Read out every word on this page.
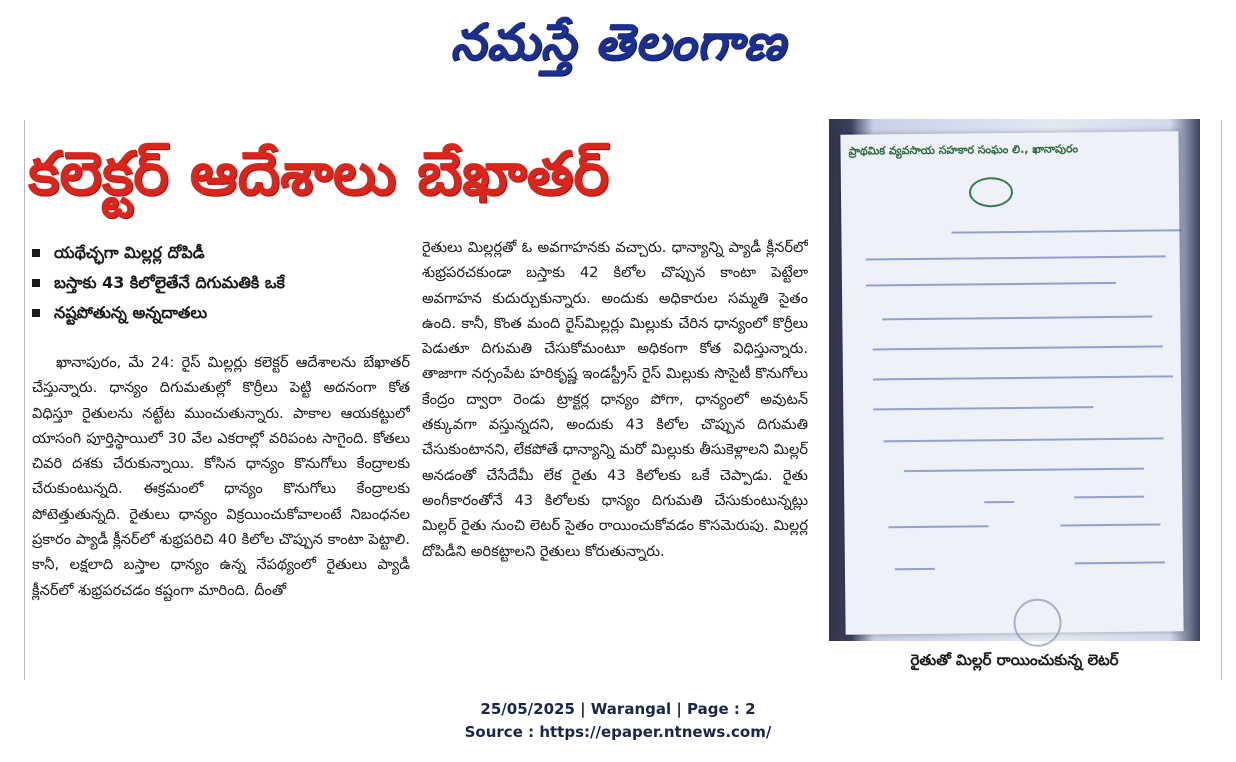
నమస్తే తెలంగాణ
కలెక్టర్ ఆదేశాలు బేఖాతర్
యథేచ్ఛగా మిల్లర్ల దోపిడీ
బస్తాకు 43 కిలోలైతేనే దిగుమతికి ఒకే
నష్టపోతున్న అన్నదాతలు

ఖానాపురం, మే 24: రైస్ మిల్లర్లు కలెక్టర్ ఆదేశాలను బేఖాతర్ చేస్తున్నారు. ధాన్యం దిగుమతుల్లో కొర్రీలు పెట్టి అదనంగా కోత విధిస్తూ రైతులను నట్టేట ముంచుతున్నారు. పాకాల ఆయకట్టులో యాసంగి పూర్తిస్థాయిలో 30 వేల ఎకరాల్లో వరిపంట సాగైంది. కోతలు చివరి దశకు చేరుకున్నాయి. కోసిన ధాన్యం కొనుగోలు కేంద్రాలకు చేరుకుంటున్నది. ఈక్రమంలో ధాన్యం కొనుగోలు కేంద్రాలకు పోటెత్తుతున్నది. రైతులు ధాన్యం విక్రయించుకోవాలంటే నిబంధనల ప్రకారం ప్యాడీ క్లీనర్‌లో శుభ్రపరిచి 40 కిలోల చొప్పున కాంటా పెట్టాలి. కానీ, లక్షలాది బస్తాల ధాన్యం ఉన్న నేపథ్యంలో రైతులు ప్యాడీ క్లీనర్‌లో శుభ్రపరచడం కష్టంగా మారింది. దీంతో

రైతులు మిల్లర్లతో ఓ అవగాహనకు వచ్చారు. ధాన్యాన్ని ప్యాడీ క్లీనర్‌లో శుభ్రపరచకుండా బస్తాకు 42 కిలోల చొప్పున కాంటా పెట్టేలా అవగాహన కుదుర్చుకున్నారు. అందుకు అధికారుల సమ్మతి సైతం ఉంది. కానీ, కొంత మంది రైస్‌మిల్లర్లు మిల్లుకు చేరిన ధాన్యంలో కొర్రీలు పెడుతూ దిగుమతి చేసుకోమంటూ అధికంగా కోత విధిస్తున్నారు. తాజాగా నర్సంపేట హరికృష్ణ ఇండస్ట్రీస్ రైస్ మిల్లుకు సొసైటీ కొనుగోలు కేంద్రం ద్వారా రెండు ట్రాక్టర్ల ధాన్యం పోగా, ధాన్యంలో అవుటన్ తక్కువగా వస్తున్నదని, అందుకు 43 కిలోల చొప్పున దిగుమతి చేసుకుంటానని, లేకపోతే ధాన్యాన్ని మరో మిల్లుకు తీసుకెళ్లాలని మిల్లర్ అనడంతో చేసేదేమీ లేక రైతు 43 కిలోలకు ఒకే చెప్పాడు. రైతు అంగీకారంతోనే 43 కిలోలకు ధాన్యం దిగుమతి చేసుకుంటున్నట్లు మిల్లర్ రైతు నుంచి లెటర్ సైతం రాయించుకోవడం కొసమెరుపు. మిల్లర్ల దోపిడీని అరికట్టాలని రైతులు కోరుతున్నారు.

ప్రాథమిక వ్యవసాయ సహకార సంఘం లి., ఖానాపురం
రైతుతో మిల్లర్ రాయించుకున్న లెటర్
25/05/2025 | Warangal | Page : 2
Source : https://epaper.ntnews.com/
